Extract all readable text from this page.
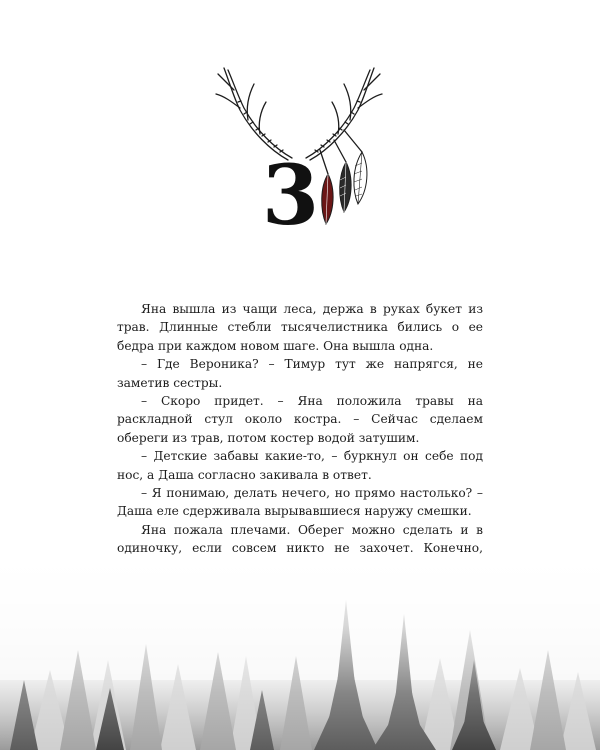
3

Яна вышла из чащи леса, держа в руках букет из трав. Длинные стебли тысячелистника бились о ее бедра при каждом новом шаге. Она вышла одна.

– Где Вероника? – Тимур тут же напрягся, не заметив сестры.

– Скоро придет. – Яна положила травы на раскладной стул около костра. – Сейчас сделаем обереги из трав, потом костер водой затушим.

– Детские забавы какие-то, – буркнул он себе под нос, а Даша согласно закивала в ответ.

– Я понимаю, делать нечего, но прямо настолько? – Даша еле сдерживала вырывавшиеся наружу смешки.

Яна пожала плечами. Оберег можно сделать и в одиночку, если совсем никто не захочет. Конечно,
